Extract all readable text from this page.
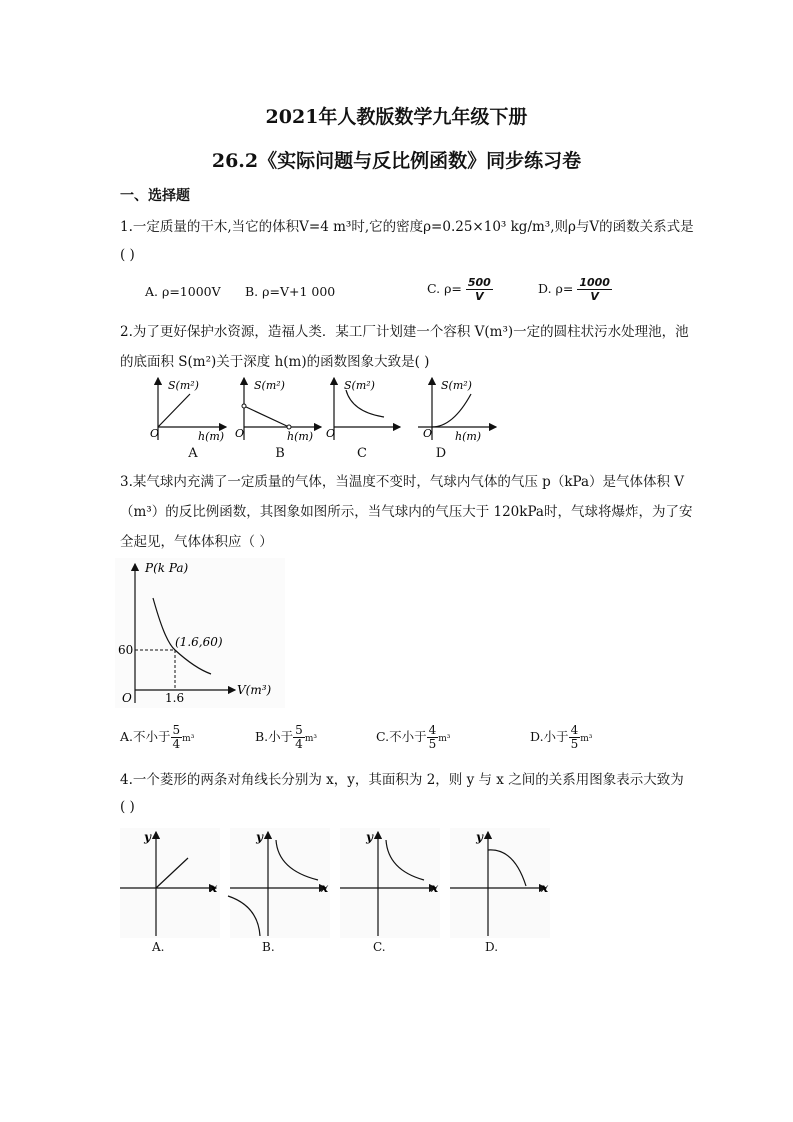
2021年人教版数学九年级下册
26.2《实际问题与反比例函数》同步练习卷
一、选择题
1.一定质量的干木,当它的体积V=4 m³时,它的密度ρ=0.25×10³ kg/m³,则ρ与V的函数关系式是
( )
A. ρ=1000V B. ρ=V+1 000	C. $\rho= \frac{500}{V}$	D. $\rho= \frac{1000}{V}$
2.为了更好保护水资源，造福人类．某工厂计划建一个容积 V(m³)一定的圆柱状污水处理池，池
的底面积 S(m²)关于深度 h(m)的函数图象大致是( )
S(m²)
O	h(m)
S(m²)
O	h(m)
S(m²)
O
S(m²)
O h(m)
A	B	C	D
3.某气球内充满了一定质量的气体，当温度不变时，气球内气体的气压 p（kPa）是气体体积 V
（m³）的反比例函数，其图象如图所示，当气球内的气压大于 120kPa时，气球将爆炸，为了安
全起见，气体体积应（ ）
P(k Pa)
V(m³)
(1.6,60)
60
1.6
O
A.不小于 $\frac{5}{4} m^3$	B.小于 $\frac{5}{4} m^3$	C.不小于 $\frac{4}{5} m^3$	D.小于 $\frac{4}{5} m^3$
4.一个菱形的两条对角线长分别为 x，y，其面积为 2，则 y 与 x 之间的关系用图象表示大致为
( )
y
x
y
x
y
x
y
x
A.	B.	C.	D.
